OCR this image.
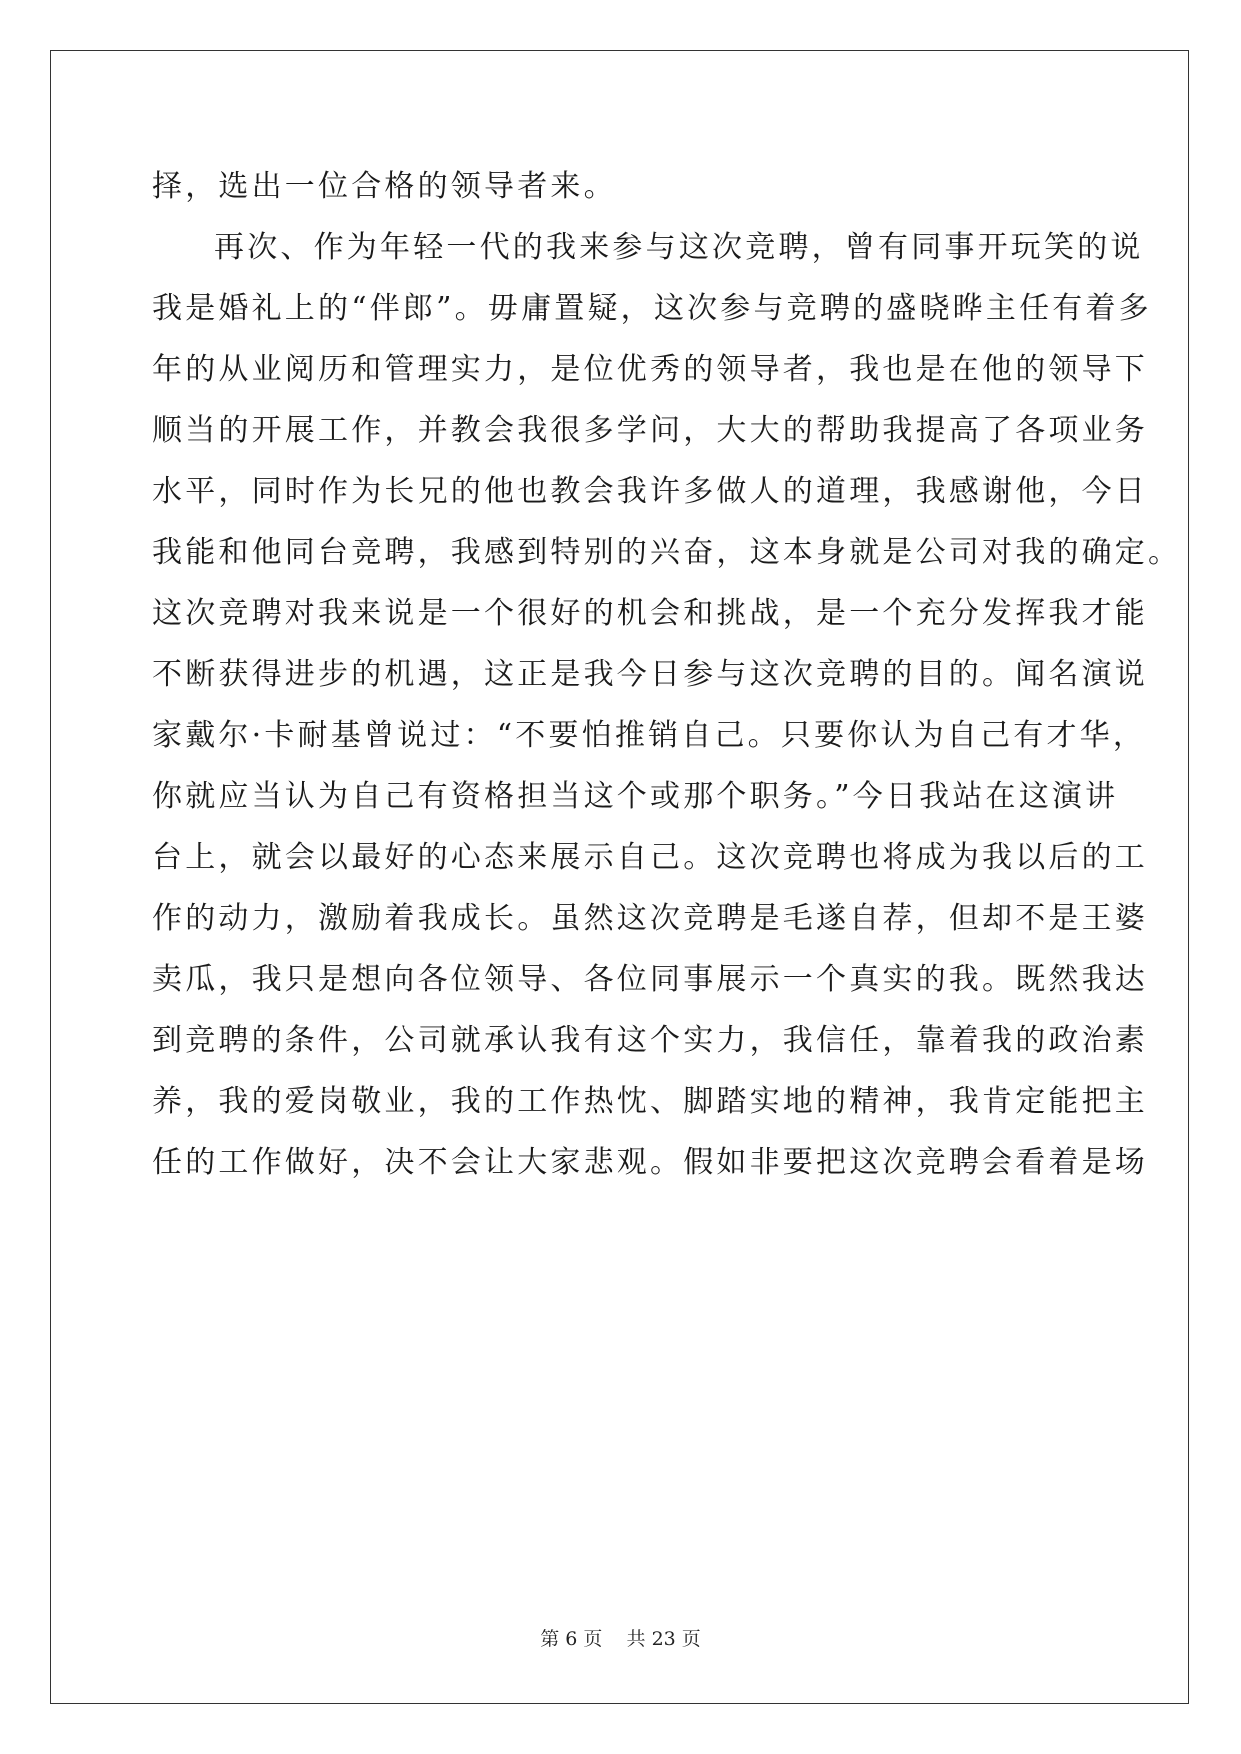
择，选出一位合格的领导者来。
再次、作为年轻一代的我来参与这次竞聘，曾有同事开玩笑的说
我是婚礼上的“伴郎”。毋庸置疑，这次参与竞聘的盛晓晔主任有着多
年的从业阅历和管理实力，是位优秀的领导者，我也是在他的领导下
顺当的开展工作，并教会我很多学问，大大的帮助我提高了各项业务
水平，同时作为长兄的他也教会我许多做人的道理，我感谢他，今日
我能和他同台竞聘，我感到特别的兴奋，这本身就是公司对我的确定。
这次竞聘对我来说是一个很好的机会和挑战，是一个充分发挥我才能
不断获得进步的机遇，这正是我今日参与这次竞聘的目的。闻名演说
家戴尔·卡耐基曾说过：“不要怕推销自己。只要你认为自己有才华，
你就应当认为自己有资格担当这个或那个职务。”今日我站在这演讲
台上，就会以最好的心态来展示自己。这次竞聘也将成为我以后的工
作的动力，激励着我成长。虽然这次竞聘是毛遂自荐，但却不是王婆
卖瓜，我只是想向各位领导、各位同事展示一个真实的我。既然我达
到竞聘的条件，公司就承认我有这个实力，我信任，靠着我的政治素
养，我的爱岗敬业，我的工作热忱、脚踏实地的精神，我肯定能把主
任的工作做好，决不会让大家悲观。假如非要把这次竞聘会看着是场
第 6 页    共 23 页
